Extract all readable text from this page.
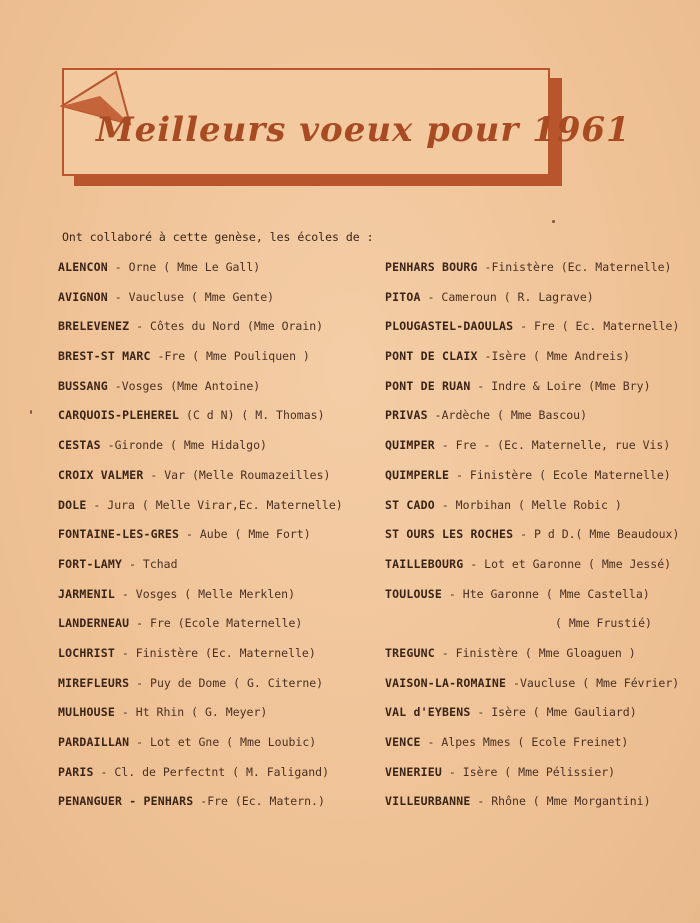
Meilleurs voeux pour 1961
Ont collaboré à cette genèse, les écoles de :
ALENCON - Orne ( Mme Le Gall)
AVIGNON - Vaucluse ( Mme Gente)
BRELEVENEZ - Côtes du Nord (Mme Orain)
BREST-ST MARC -Fre ( Mme Pouliquen )
BUSSANG -Vosges (Mme Antoine)
CARQUOIS-PLEHEREL (C d N) ( M. Thomas)
CESTAS -Gironde ( Mme Hidalgo)
CROIX VALMER - Var (Melle Roumazeilles)
DOLE - Jura ( Melle Virar,Ec. Maternelle)
FONTAINE-LES-GRES - Aube ( Mme Fort)
FORT-LAMY - Tchad
JARMENIL - Vosges ( Melle Merklen)
LANDERNEAU - Fre (Ecole Maternelle)
LOCHRIST - Finistère (Ec. Maternelle)
MIREFLEURS - Puy de Dome ( G. Citerne)
MULHOUSE - Ht Rhin ( G. Meyer)
PARDAILLAN - Lot et Gne ( Mme Loubic)
PARIS - Cl. de Perfectnt ( M. Faligand)
PENANGUER - PENHARS -Fre (Ec. Matern.)
PENHARS BOURG -Finistère (Ec. Maternelle)
PITOA - Cameroun ( R. Lagrave)
PLOUGASTEL-DAOULAS - Fre ( Ec. Maternelle)
PONT DE CLAIX -Isère ( Mme Andreis)
PONT DE RUAN - Indre & Loire (Mme Bry)
PRIVAS -Ardèche ( Mme Bascou)
QUIMPER - Fre - (Ec. Maternelle, rue Vis)
QUIMPERLE - Finistère ( Ecole Maternelle)
ST CADO - Morbihan ( Melle Robic )
ST OURS LES ROCHES - P d D.( Mme Beaudoux)
TAILLEBOURG - Lot et Garonne ( Mme Jessé)
TOULOUSE - Hte Garonne ( Mme Castella)
( Mme Frustié)
TREGUNC - Finistère ( Mme Gloaguen )
VAISON-LA-ROMAINE -Vaucluse ( Mme Février)
VAL d'EYBENS - Isère ( Mme Gauliard)
VENCE - Alpes Mmes ( Ecole Freinet)
VENERIEU - Isère ( Mme Pélissier)
VILLEURBANNE - Rhône ( Mme Morgantini)
